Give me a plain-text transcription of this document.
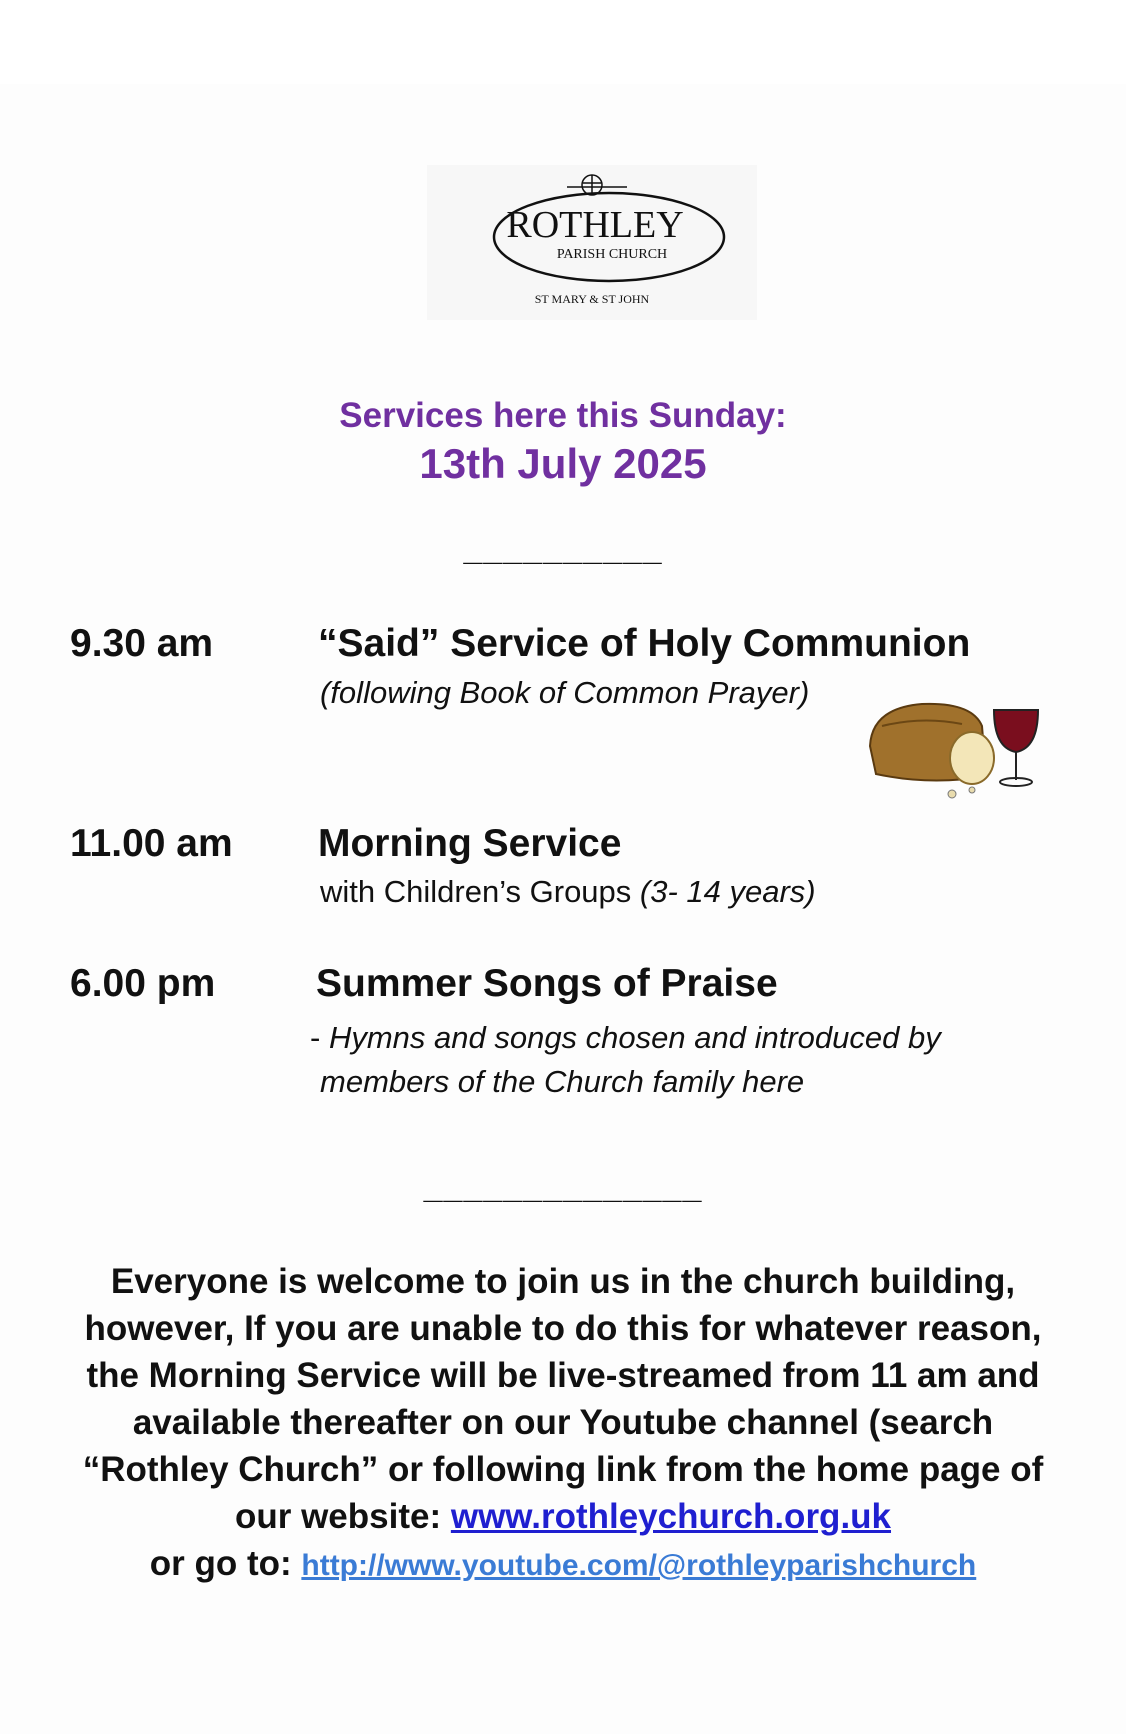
ROTHLEY
PARISH CHURCH
ST MARY & ST JOHN
Services here this Sunday:
13th July 2025
__________
9.30 am	“Said” Service of Holy Communion
(following Book of Common Prayer)
11.00 am Morning Service
with Children’s Groups (3- 14 years)
6.00 pm	Summer Songs of Praise
- Hymns and songs chosen and introduced by
members of the Church family here
______________
Everyone is welcome to join us in the church building,
however, If you are unable to do this for whatever reason,
the Morning Service will be live-streamed from 11 am and
available thereafter on our Youtube channel (search
“Rothley Church” or following link from the home page of
our website: www.rothleychurch.org.uk
or go to: http://www.youtube.com/@rothleyparishchurch
